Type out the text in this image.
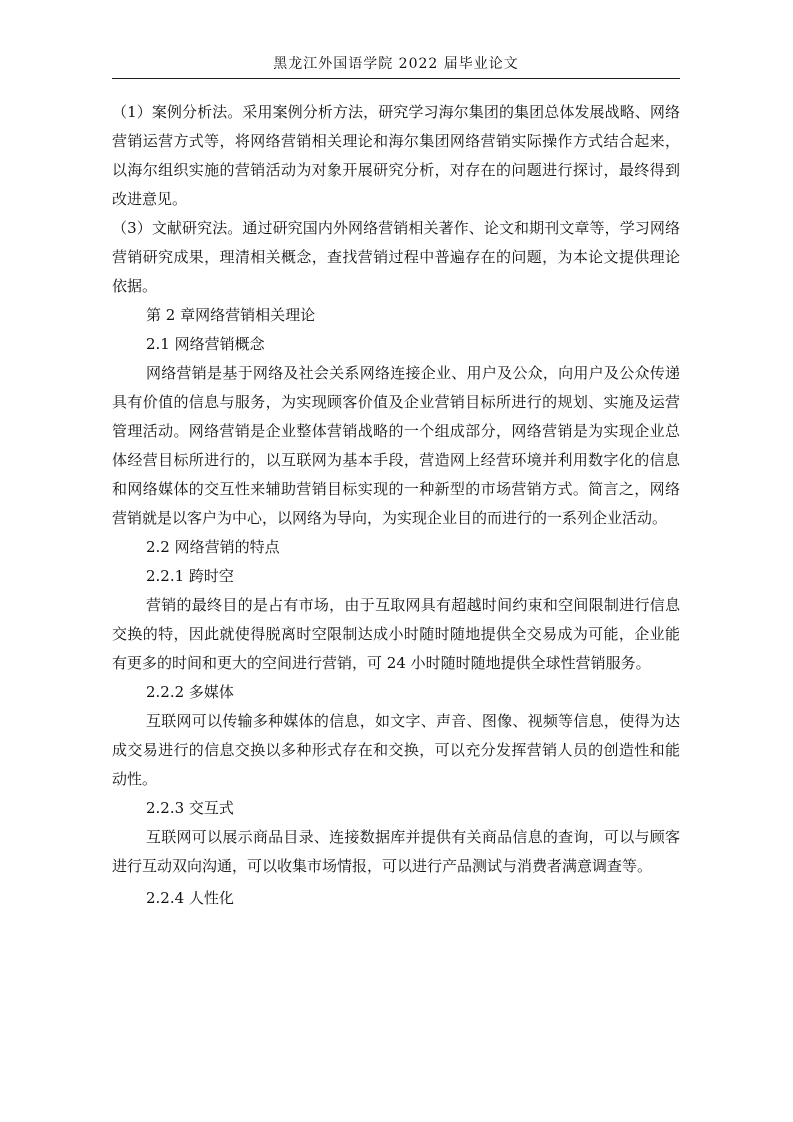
黑龙江外国语学院 2022 届毕业论文

（1）案例分析法。采用案例分析方法，研究学习海尔集团的集团总体发展战略、网络营销运营方式等，将网络营销相关理论和海尔集团网络营销实际操作方式结合起来，以海尔组织实施的营销活动为对象开展研究分析，对存在的问题进行探讨，最终得到改进意见。

（3）文献研究法。通过研究国内外网络营销相关著作、论文和期刊文章等，学习网络营销研究成果，理清相关概念，查找营销过程中普遍存在的问题，为本论文提供理论依据。

第 2 章网络营销相关理论

2.1 网络营销概念

网络营销是基于网络及社会关系网络连接企业、用户及公众，向用户及公众传递具有价值的信息与服务，为实现顾客价值及企业营销目标所进行的规划、实施及运营管理活动。网络营销是企业整体营销战略的一个组成部分，网络营销是为实现企业总体经营目标所进行的，以互联网为基本手段，营造网上经营环境并利用数字化的信息和网络媒体的交互性来辅助营销目标实现的一种新型的市场营销方式。简言之，网络营销就是以客户为中心，以网络为导向，为实现企业目的而进行的一系列企业活动。

2.2 网络营销的特点

2.2.1 跨时空

营销的最终目的是占有市场，由于互取网具有超越时间约束和空间限制进行信息交换的特，因此就使得脱离时空限制达成小时随时随地提供全交易成为可能，企业能有更多的时间和更大的空间进行营销，可 24 小时随时随地提供全球性营销服务。

2.2.2 多媒体

互联网可以传输多种媒体的信息，如文字、声音、图像、视频等信息，使得为达成交易进行的信息交换以多种形式存在和交换，可以充分发挥营销人员的创造性和能动性。

2.2.3 交互式

互联网可以展示商品目录、连接数据库并提供有关商品信息的查询，可以与顾客进行互动双向沟通，可以收集市场情报，可以进行产品测试与消费者满意调查等。

2.2.4 人性化
